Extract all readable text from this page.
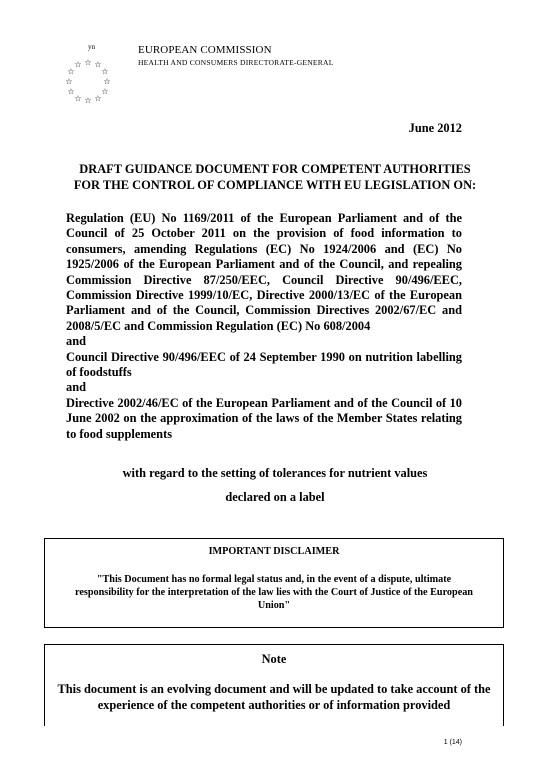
yn
☆ ☆
☆
☆
☆
☆
☆
☆
☆
☆
☆
☆
EUROPEAN COMMISSION
HEALTH AND CONSUMERS DIRECTORATE-GENERAL
June 2012
DRAFT GUIDANCE DOCUMENT FOR COMPETENT AUTHORITIES FOR THE CONTROL OF COMPLIANCE WITH EU LEGISLATION ON:

Regulation (EU) No 1169/2011 of the European Parliament and of the Council of 25 October 2011 on the provision of food information to consumers, amending Regulations (EC) No 1924/2006 and (EC) No 1925/2006 of the European Parliament and of the Council, and repealing Commission Directive 87/250/EEC, Council Directive 90/496/EEC, Commission Directive 1999/10/EC, Directive 2000/13/EC of the European Parliament and of the Council, Commission Directives 2002/67/EC and 2008/5/EC and Commission Regulation (EC) No 608/2004

and

Council Directive 90/496/EEC of 24 September 1990 on nutrition labelling of foodstuffs

and

Directive 2002/46/EC of the European Parliament and of the Council of 10 June 2002 on the approximation of the laws of the Member States relating to food supplements

with regard to the setting of tolerances for nutrient values
declared on a label
IMPORTANT DISCLAIMER
"This Document has no formal legal status and, in the event of a dispute, ultimate responsibility for the interpretation of the law lies with the Court of Justice of the European Union"
Note
This document is an evolving document and will be updated to take account of the experience of the competent authorities or of information provided
1 (14)
